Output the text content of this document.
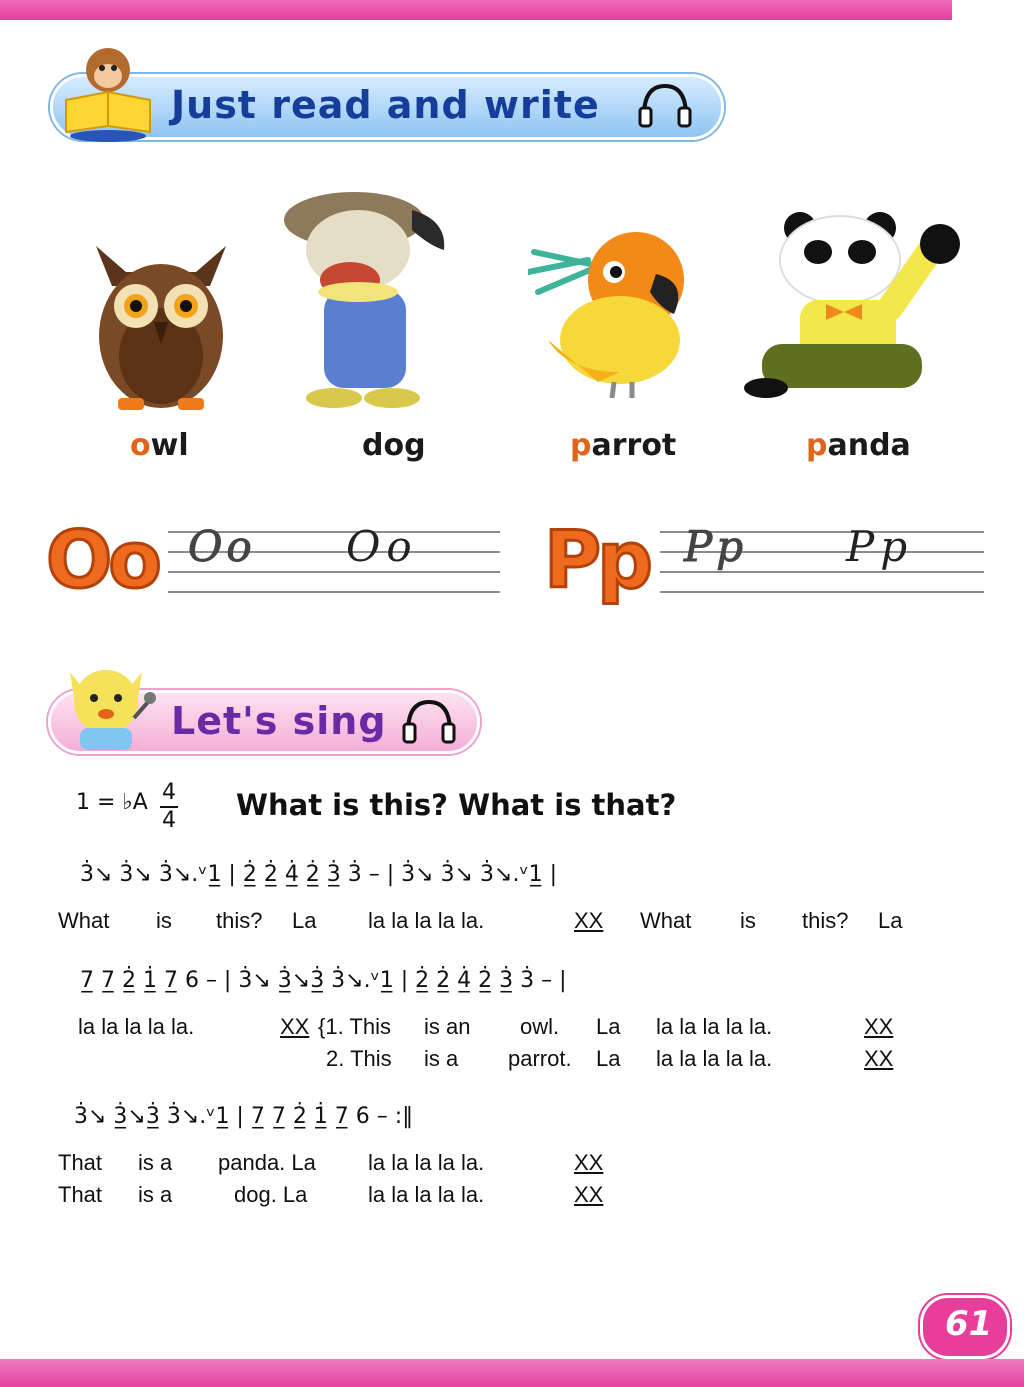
Just read and write
owl	dog	parrot	panda
Oo Oo Oo Pp Pp Pp
Let's sing
1 = ♭A 4
4 What is this? What is that?
3̇↘ 3̇↘ 3̇↘.ᵛ1̲ | 2̲̇ 2̲̇ 4̲̇ 2̲̇ 3̲̇ 3̇ – | 3̇↘ 3̇↘ 3̇↘.ᵛ1̲ |
7̲ 7̲ 2̲̇ 1̲̇ 7̲ 6 – | 3̇↘ 3̲̇↘3̲̇ 3̇↘.ᵛ1̲ | 2̲̇ 2̲̇ 4̲̇ 2̲̇ 3̲̇ 3̇ – |
3̇↘ 3̲̇↘3̲̇ 3̇↘.ᵛ1̲ | 7̲ 7̲ 2̲̇ 1̲̇ 7̲ 6 – :‖
What is this? La la la la la la.	XX What is this? La
la la la la la.	XX {1. This is an owl. La la la la la la.	XX
2. This is a parrot. La la la la la la.	XX
That is a panda. La la la la la la.	XX
That is a	dog. La	la la la la la.	XX
61
